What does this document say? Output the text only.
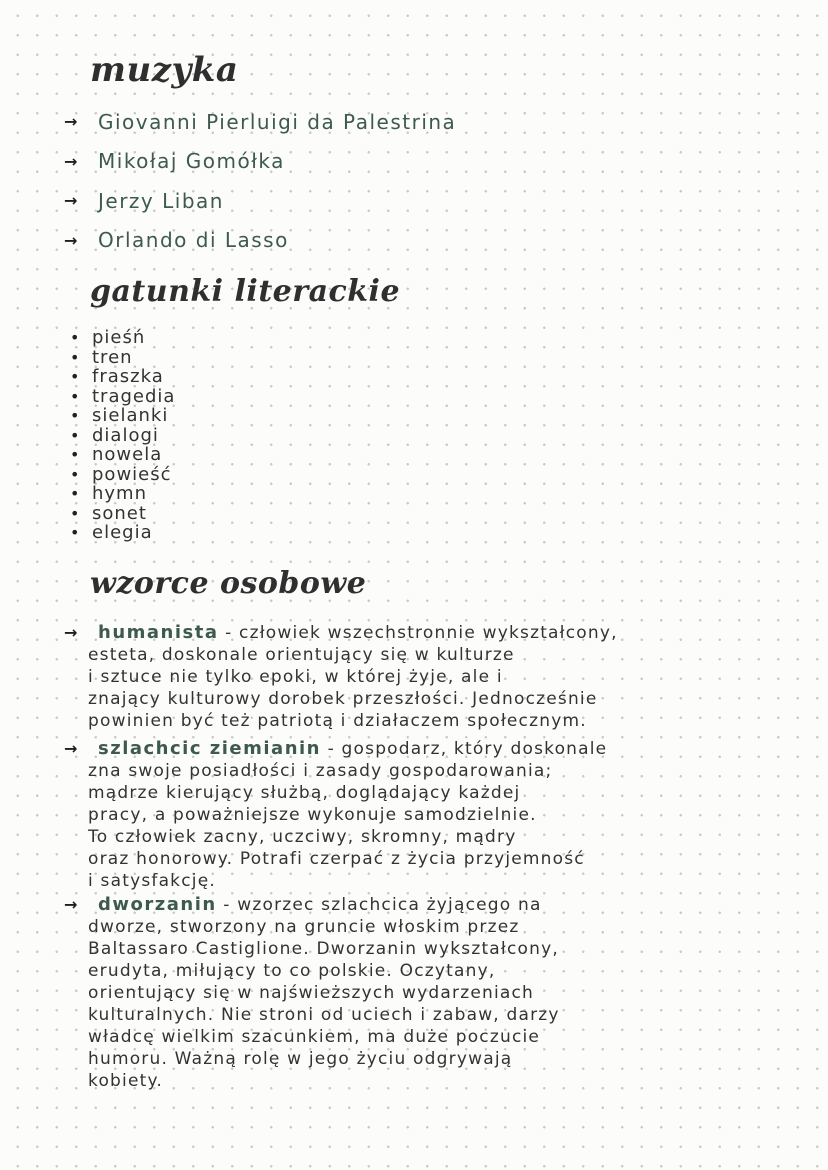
muzyka
→ Giovanni Pierluigi da Palestrina
→ Mikołaj Gomółka
→ Jerzy Liban
→ Orlando di Lasso
gatunki literackie
• pieśń
• tren
• fraszka
• tragedia
• sielanki
• dialogi
• nowela
• powieść
• hymn
• sonet
• elegia
wzorce osobowe
→ humanista - człowiek wszechstronnie wykształcony,
esteta, doskonale orientujący się w kulturze
i sztuce nie tylko epoki, w której żyje, ale i
znający kulturowy dorobek przeszłości. Jednocześnie
powinien być też patriotą i działaczem społecznym.
→ szlachcic ziemianin - gospodarz, który doskonale
zna swoje posiadłości i zasady gospodarowania;
mądrze kierujący służbą, doglądający każdej
pracy, a poważniejsze wykonuje samodzielnie.
To człowiek zacny, uczciwy, skromny, mądry
oraz honorowy. Potrafi czerpać z życia przyjemność
i satysfakcję.
→ dworzanin - wzorzec szlachcica żyjącego na
dworze, stworzony na gruncie włoskim przez
Baltassaro Castiglione. Dworzanin wykształcony,
erudyta, miłujący to co polskie. Oczytany,
orientujący się w najświeższych wydarzeniach
kulturalnych. Nie stroni od uciech i zabaw, darzy
władcę wielkim szacunkiem, ma duże poczucie
humoru. Ważną rolę w jego życiu odgrywają
kobiety.
